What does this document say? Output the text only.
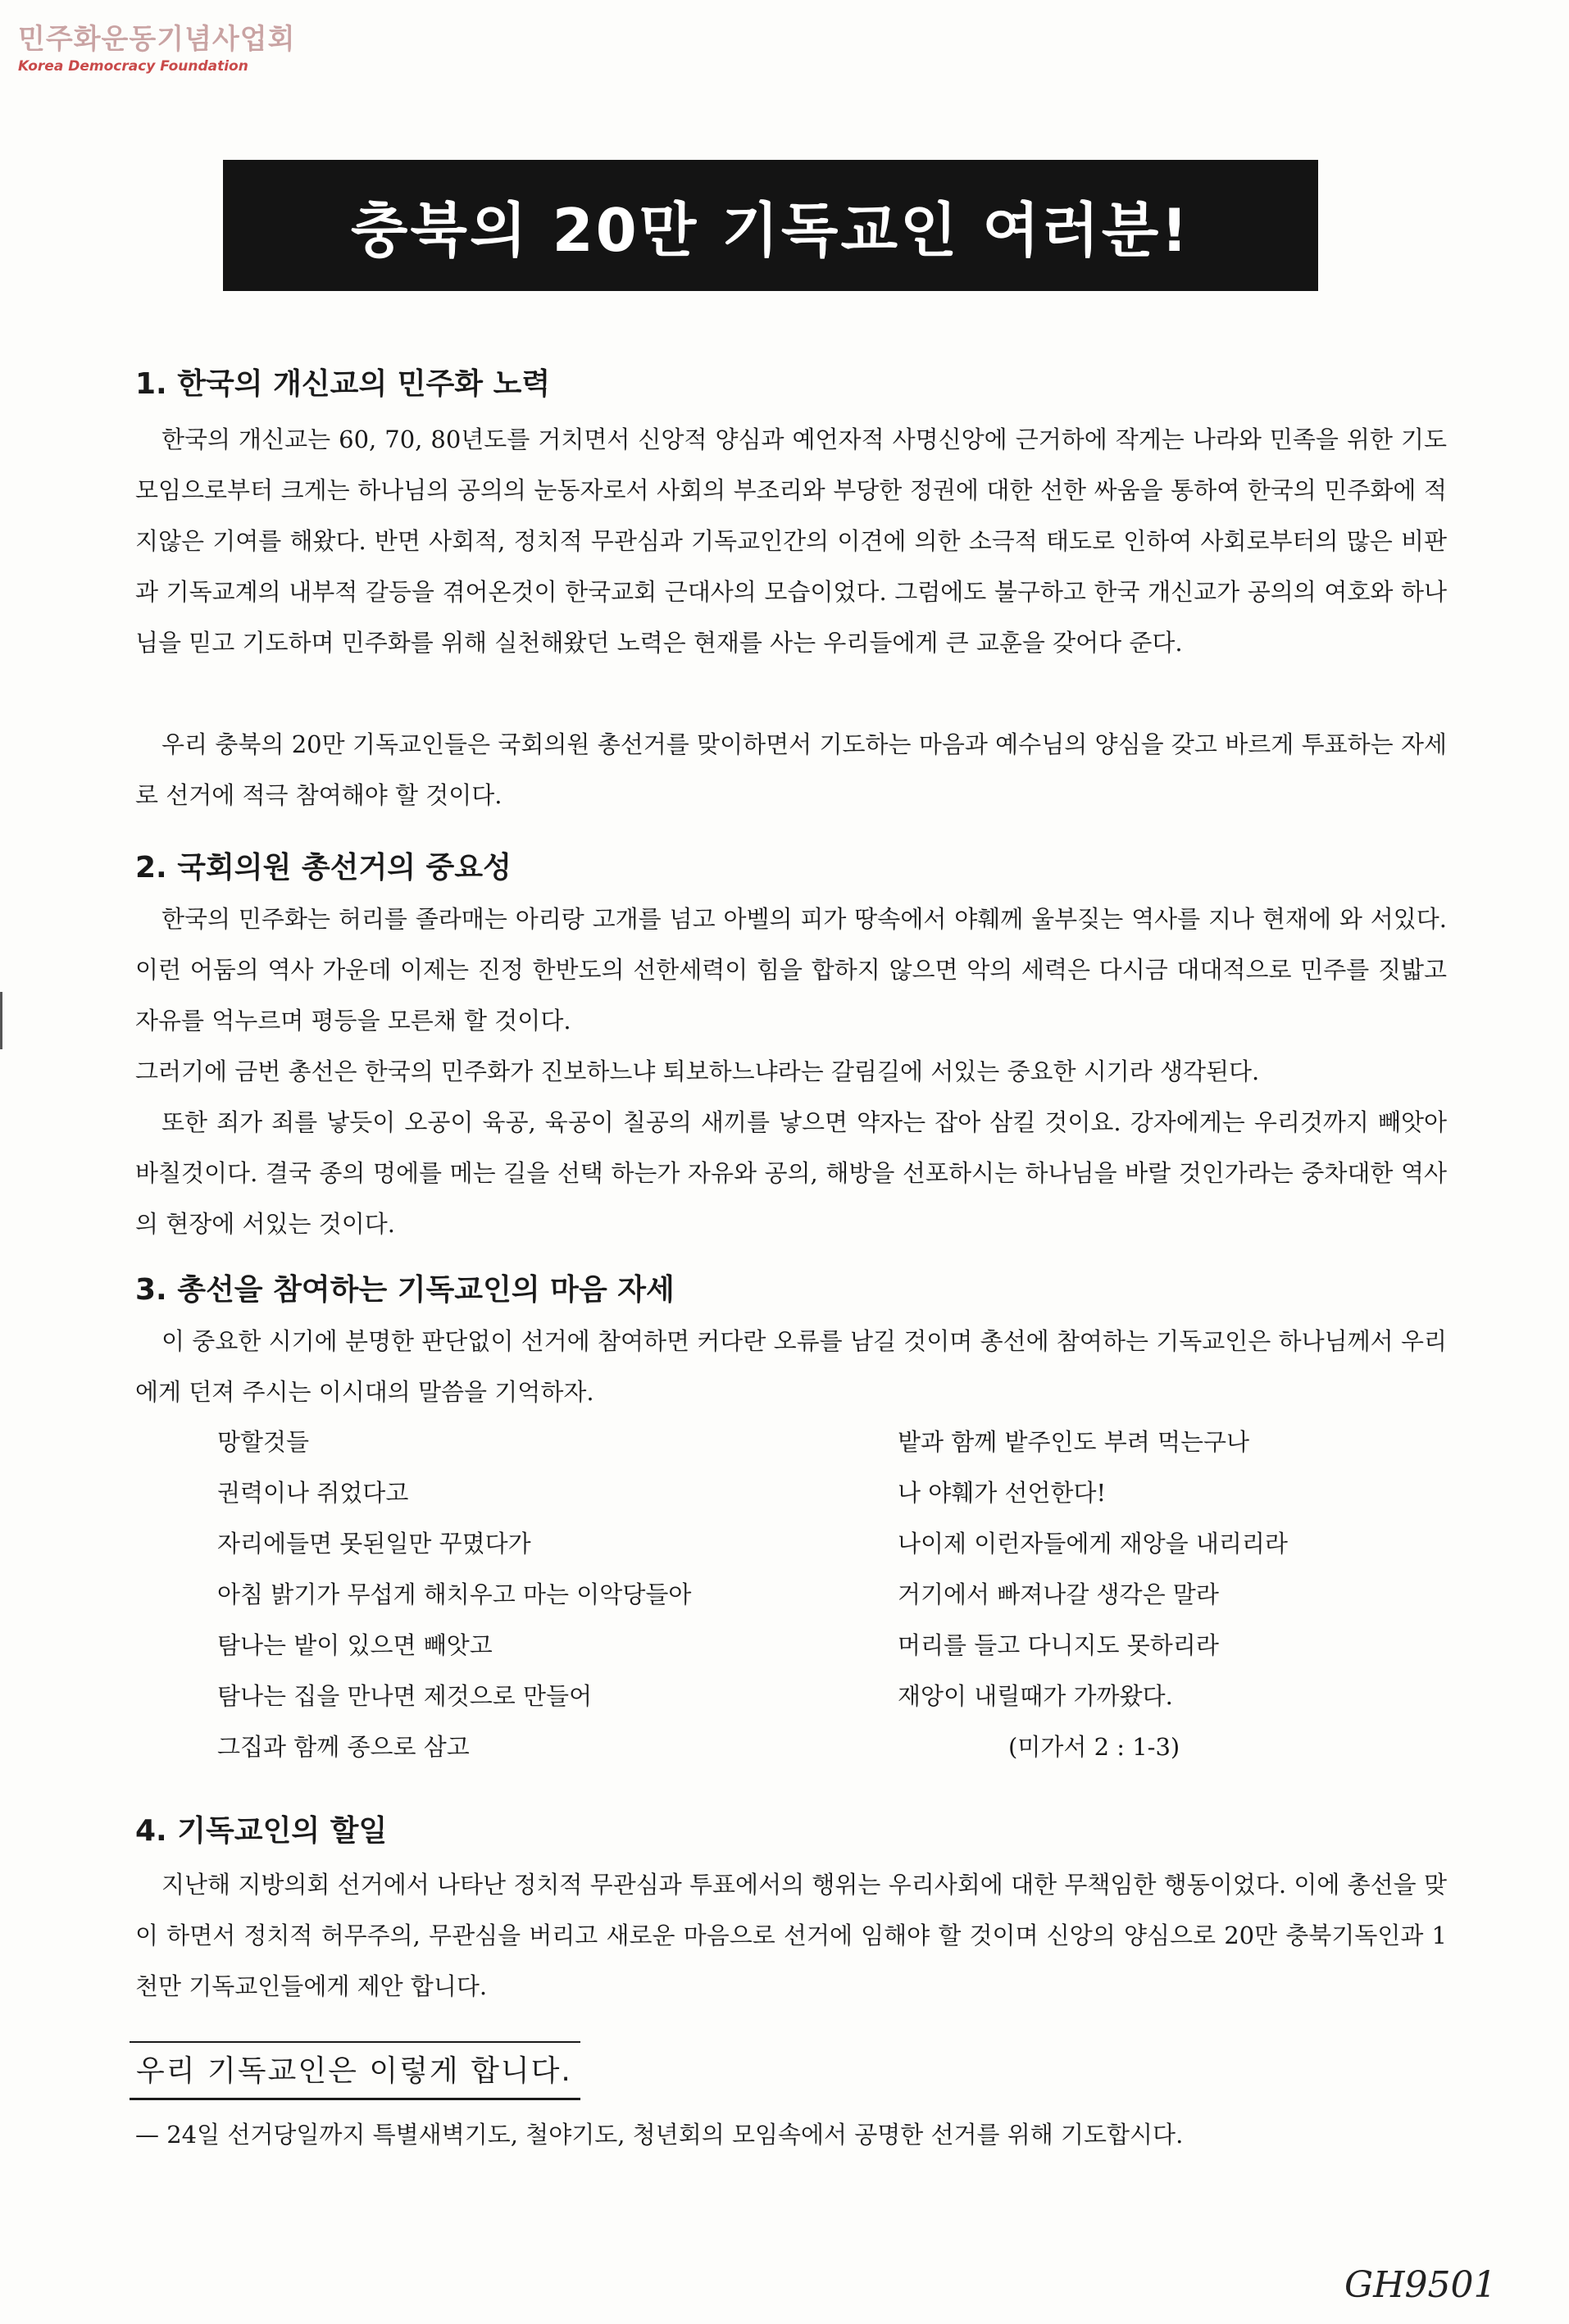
민주화운동기념사업회
Korea Democracy Foundation
충북의 20만 기독교인 여러분!
1. 한국의 개신교의 민주화 노력
한국의 개신교는 60, 70, 80년도를 거치면서 신앙적 양심과 예언자적 사명신앙에 근거하에 작게는 나라와 민족을 위한 기도모임으로부터 크게는 하나님의 공의의 눈동자로서 사회의 부조리와 부당한 정권에 대한 선한 싸움을 통하여 한국의 민주화에 적지않은 기여를 해왔다. 반면 사회적, 정치적 무관심과 기독교인간의 이견에 의한 소극적 태도로 인하여 사회로부터의 많은 비판과 기독교계의 내부적 갈등을 겪어온것이 한국교회 근대사의 모습이었다. 그럼에도 불구하고 한국 개신교가 공의의 여호와 하나님을 믿고 기도하며 민주화를 위해 실천해왔던 노력은 현재를 사는 우리들에게 큰 교훈을 갖어다 준다.
우리 충북의 20만 기독교인들은 국회의원 총선거를 맞이하면서 기도하는 마음과 예수님의 양심을 갖고 바르게 투표하는 자세로 선거에 적극 참여해야 할 것이다.
2. 국회의원 총선거의 중요성
한국의 민주화는 허리를 졸라매는 아리랑 고개를 넘고 아벨의 피가 땅속에서 야훼께 울부짖는 역사를 지나 현재에 와 서있다. 이런 어둠의 역사 가운데 이제는 진정 한반도의 선한세력이 힘을 합하지 않으면 악의 세력은 다시금 대대적으로 민주를 짓밟고 자유를 억누르며 평등을 모른채 할 것이다.
그러기에 금번 총선은 한국의 민주화가 진보하느냐 퇴보하느냐라는 갈림길에 서있는 중요한 시기라 생각된다.
또한 죄가 죄를 낳듯이 오공이 육공, 육공이 칠공의 새끼를 낳으면 약자는 잡아 삼킬 것이요. 강자에게는 우리것까지 빼앗아 바칠것이다. 결국 종의 멍에를 메는 길을 선택 하는가 자유와 공의, 해방을 선포하시는 하나님을 바랄 것인가라는 중차대한 역사의 현장에 서있는 것이다.
3. 총선을 참여하는 기독교인의 마음 자세
이 중요한 시기에 분명한 판단없이 선거에 참여하면 커다란 오류를 남길 것이며 총선에 참여하는 기독교인은 하나님께서 우리에게 던져 주시는 이시대의 말씀을 기억하자.
망할것들
권력이나 쥐었다고
자리에들면 못된일만 꾸몄다가
아침 밝기가 무섭게 해치우고 마는 이악당들아
탐나는 밭이 있으면 빼앗고
탐나는 집을 만나면 제것으로 만들어
그집과 함께 종으로 삼고
밭과 함께 밭주인도 부려 먹는구나
나 야훼가 선언한다!
나이제 이런자들에게 재앙을 내리리라
거기에서 빠져나갈 생각은 말라
머리를 들고 다니지도 못하리라
재앙이 내릴때가 가까왔다.
(미가서 2 : 1-3)
4. 기독교인의 할일
지난해 지방의회 선거에서 나타난 정치적 무관심과 투표에서의 행위는 우리사회에 대한 무책임한 행동이었다. 이에 총선을 맞이 하면서 정치적 허무주의, 무관심을 버리고 새로운 마음으로 선거에 임해야 할 것이며 신앙의 양심으로 20만 충북기독인과 1천만 기독교인들에게 제안 합니다.
우리 기독교인은 이렇게 합니다.
— 24일 선거당일까지 특별새벽기도, 철야기도, 청년회의 모임속에서 공명한 선거를 위해 기도합시다.
GH9501
